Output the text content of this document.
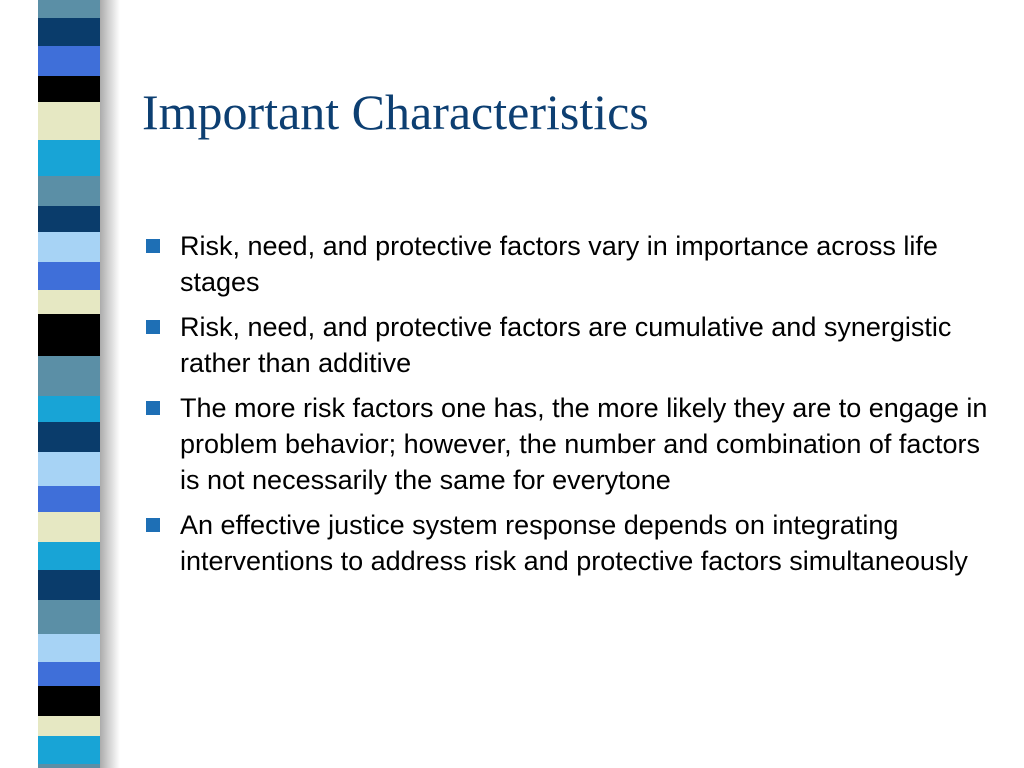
Important Characteristics
Risk, need, and protective factors vary in importance across life stages
Risk, need, and protective factors are cumulative and synergistic rather than additive
The more risk factors one has, the more likely they are to engage in problem behavior; however, the number and combination of factors is not necessarily the same for everytone
An effective justice system response depends on integrating interventions to address risk and protective factors simultaneously
